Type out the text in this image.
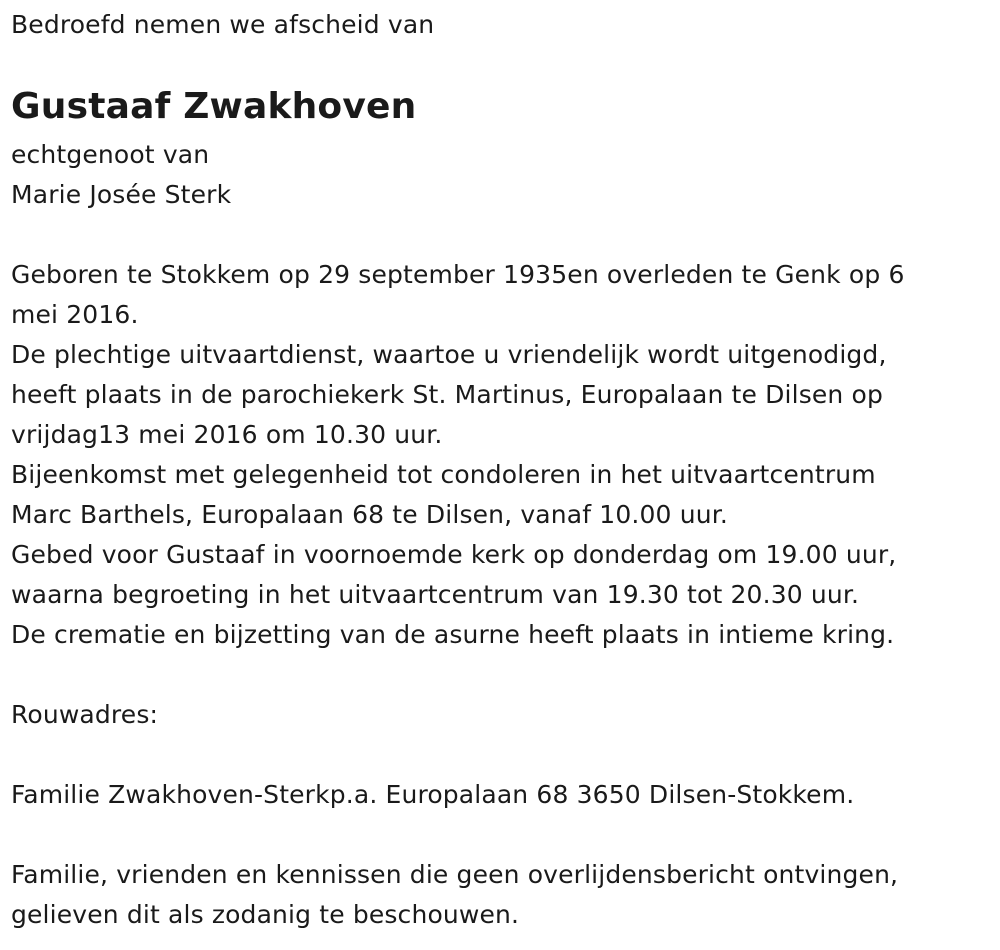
Bedroefd nemen we afscheid van
Gustaaf Zwakhoven
echtgenoot van
Marie Josée Sterk
Geboren te Stokkem op 29 september 1935en overleden te Genk op 6
mei 2016.
De plechtige uitvaartdienst, waartoe u vriendelijk wordt uitgenodigd,
heeft plaats in de parochiekerk St. Martinus, Europalaan te Dilsen op
vrijdag13 mei 2016 om 10.30 uur.
Bijeenkomst met gelegenheid tot condoleren in het uitvaartcentrum
Marc Barthels, Europalaan 68 te Dilsen, vanaf 10.00 uur.
Gebed voor Gustaaf in voornoemde kerk op donderdag om 19.00 uur,
waarna begroeting in het uitvaartcentrum van 19.30 tot 20.30 uur.
De crematie en bijzetting van de asurne heeft plaats in intieme kring.
Rouwadres:
Familie Zwakhoven-Sterkp.a. Europalaan 68 3650 Dilsen-Stokkem.
Familie, vrienden en kennissen die geen overlijdensbericht ontvingen,
gelieven dit als zodanig te beschouwen.
